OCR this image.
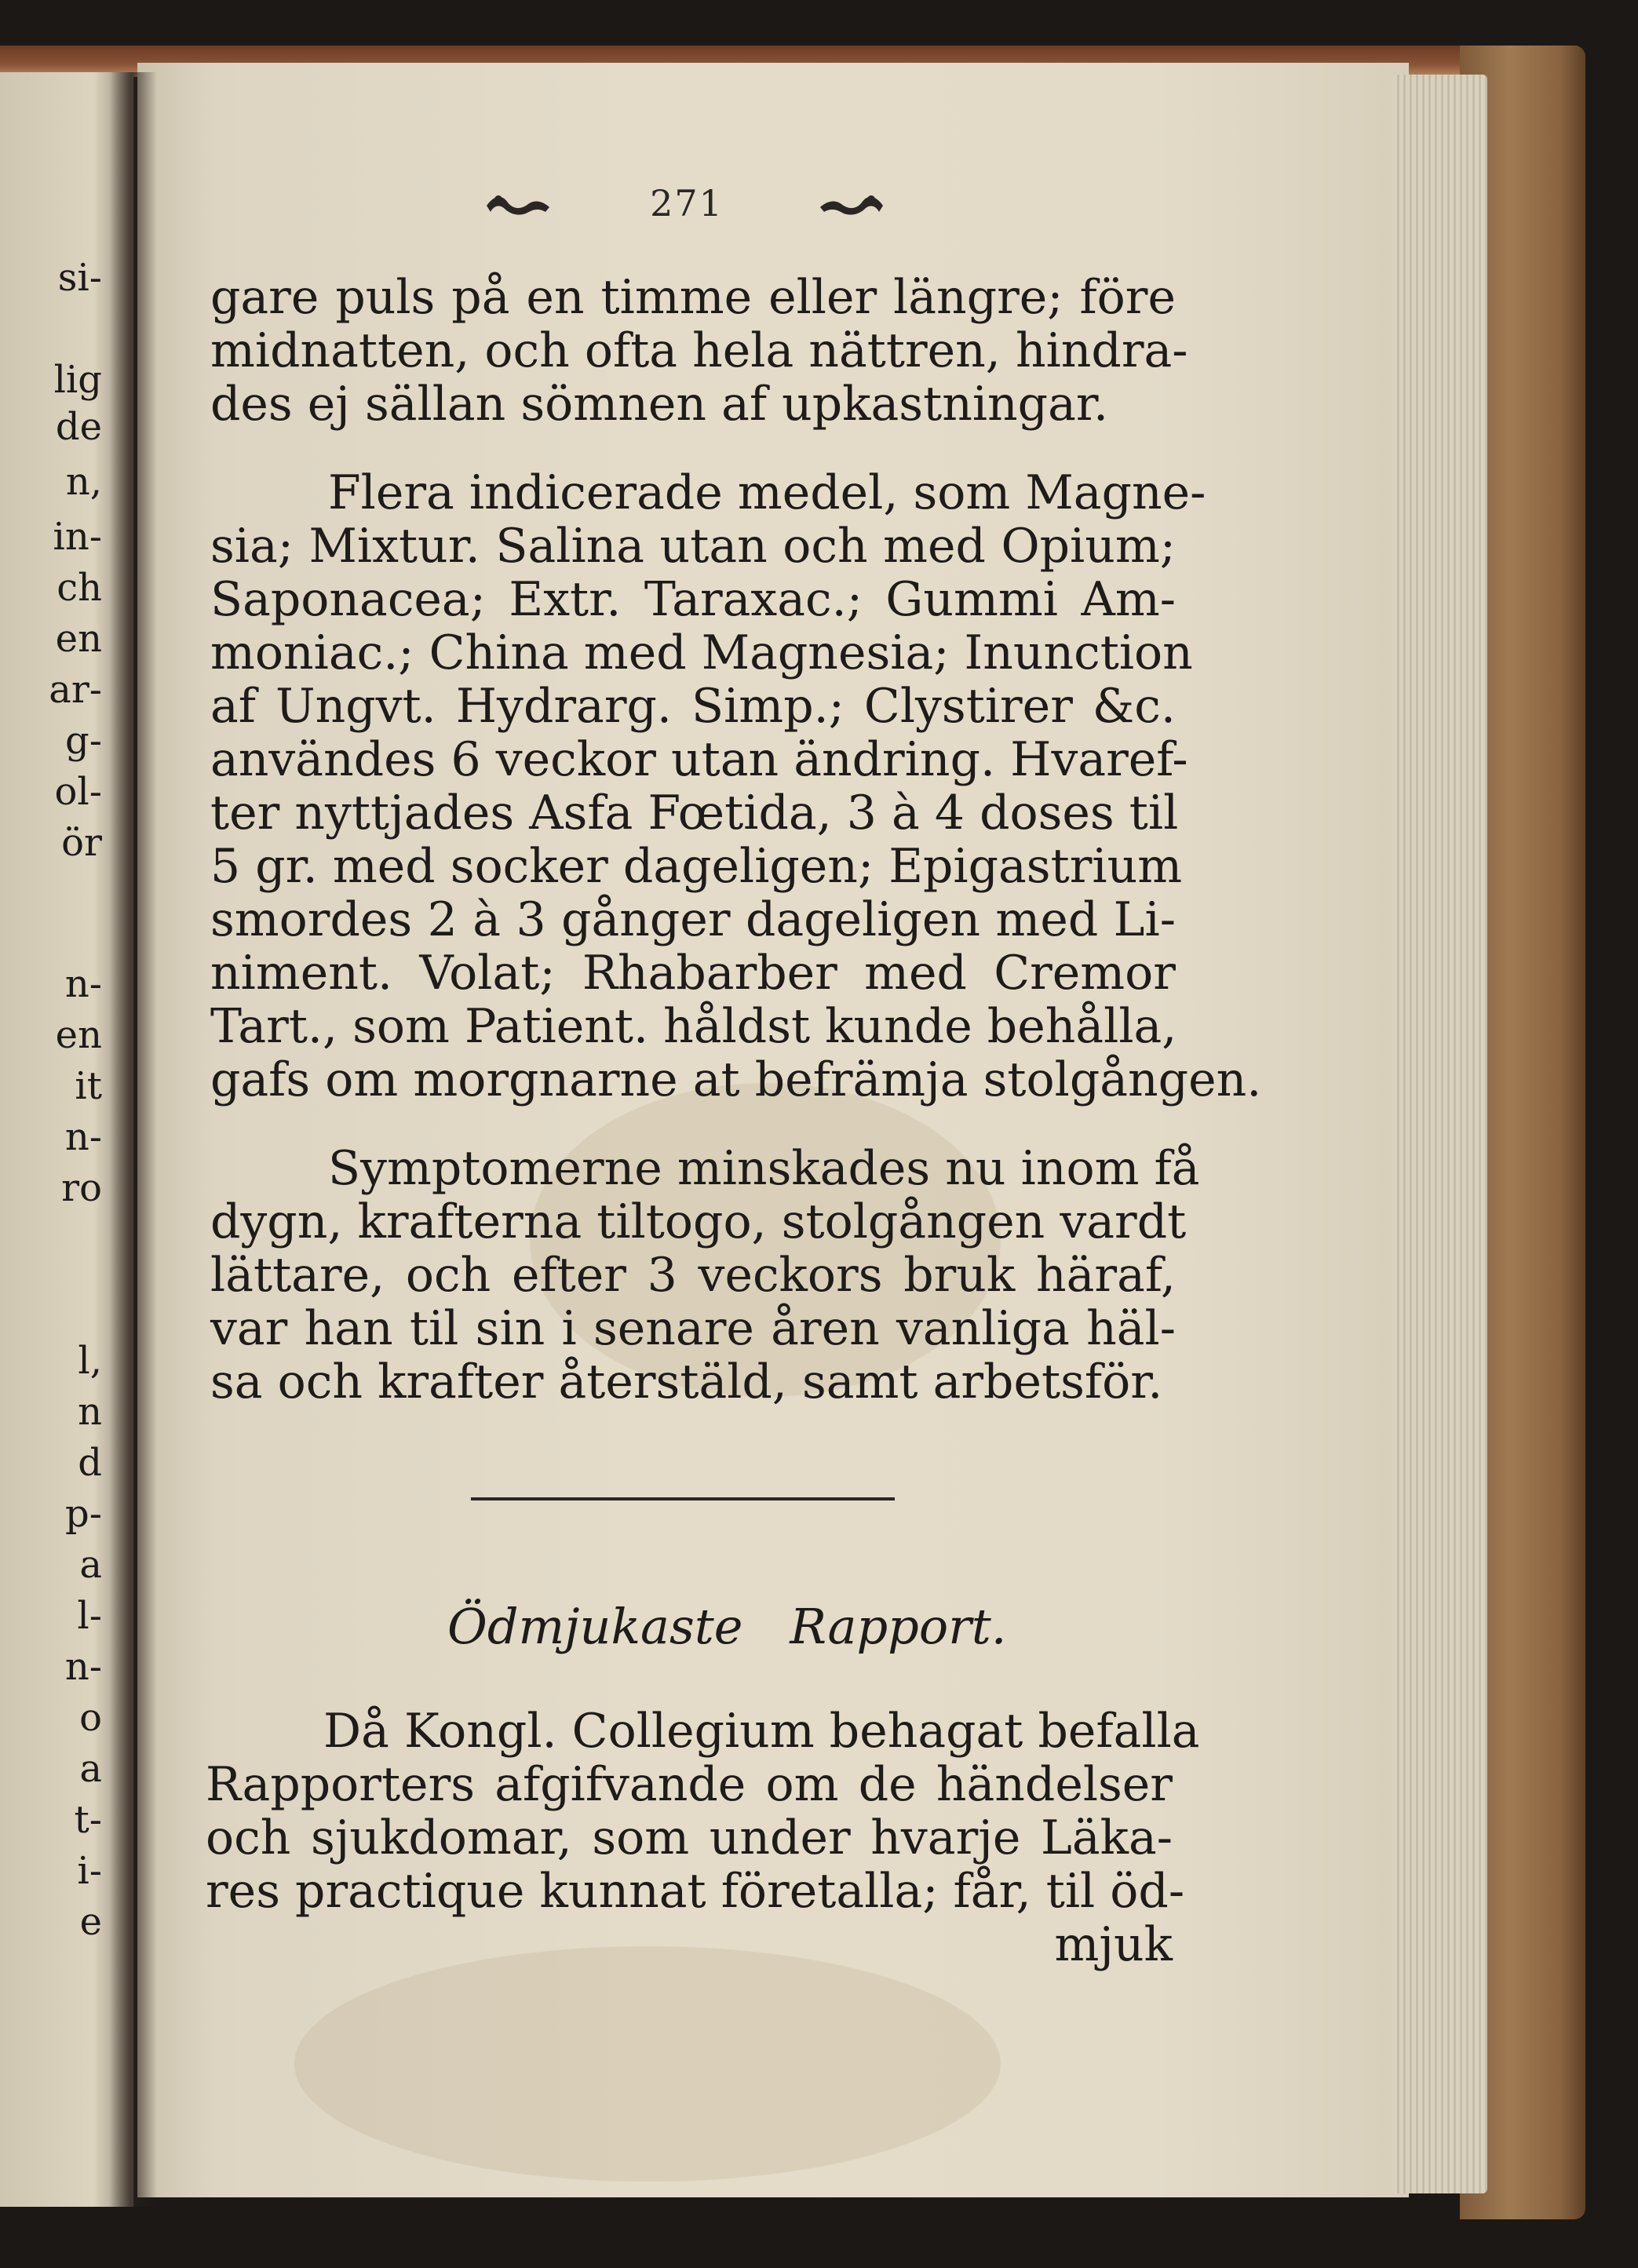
si-
lig
de
n,
in-
ch
en
ar-
g-
ol-
ör
n-
en
it
n-
ro
l,
n
d
p-
a
l-
n-
o
a
t-
i-
e
271
gare puls på en timme eller längre; före
midnatten, och ofta hela nättren, hindra-
des ej sällan sömnen af upkastningar.
Flera indicerade medel, som Magne-
sia; Mixtur. Salina utan och med Opium;
Saponacea; Extr. Taraxac.; Gummi Am-
moniac.; China med Magnesia; Inunction
af Ungvt. Hydrarg. Simp.; Clystirer &c.
användes 6 veckor utan ändring. Hvaref-
ter nyttjades Asfa Fœtida, 3 à 4 doses til
5 gr. med socker dageligen; Epigastrium
smordes 2 à 3 gånger dageligen med Li-
niment. Volat; Rhabarber med Cremor
Tart., som Patient. håldst kunde behålla,
gafs om morgnarne at befrämja stolgången.
Symptomerne minskades nu inom få
dygn, krafterna tiltogo, stolgången vardt
lättare, och efter 3 veckors bruk häraf,
var han til sin i senare åren vanliga häl-
sa och krafter återstäld, samt arbetsför.
Ödmjukaste Rapport.
Då Kongl. Collegium behagat befalla
Rapporters afgifvande om de händelser
och sjukdomar, som under hvarje Läka-
res practique kunnat företalla; får, til öd-
mjuk
